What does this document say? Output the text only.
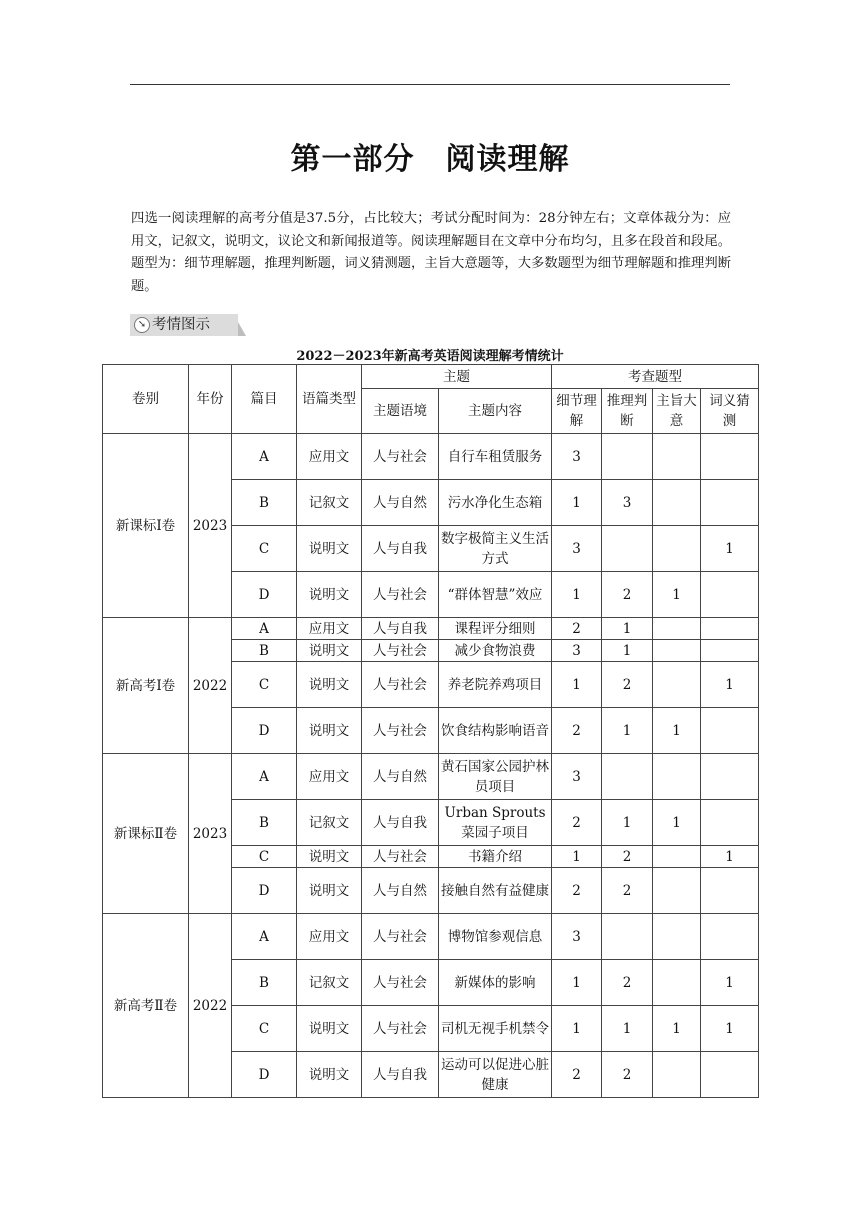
第一部分　阅读理解
四选一阅读理解的高考分值是37.5分，占比较大；考试分配时间为：28分钟左右；文章体裁分为：应用文，记叙文，说明文，议论文和新闻报道等。阅读理解题目在文章中分布均匀，且多在段首和段尾。题型为：细节理解题，推理判断题，词义猜测题，主旨大意题等，大多数题型为细节理解题和推理判断题。
➘ 考情图示
2022－2023年新高考英语阅读理解考情统计
卷别	年份	篇目	语篇类型	主题		考查题型			
				主题语境	主题内容	细节理解	推理判断	主旨大意	词义猜测
新课标Ⅰ卷	2023	A	应用文	人与社会	自行车租赁服务	3			
		B	记叙文	人与自然	污水净化生态箱	1	3		
		C	说明文	人与自我	数字极简主义生活方式	3			1
		D	说明文	人与社会	“群体智慧”效应	1	2	1	
新高考Ⅰ卷	2022	A	应用文	人与自我	课程评分细则	2	1		
		B	说明文	人与社会	减少食物浪费	3	1		
		C	说明文	人与社会	养老院养鸡项目	1	2		1
		D	说明文	人与社会	饮食结构影响语音	2	1	1	
新课标Ⅱ卷	2023	A	应用文	人与自然	黄石国家公园护林员项目	3			
		B	记叙文	人与自我	Urban Sprouts菜园子项目	2	1	1	
		C	说明文	人与社会	书籍介绍	1	2		1
		D	说明文	人与自然	接触自然有益健康	2	2		
新高考Ⅱ卷	2022	A	应用文	人与社会	博物馆参观信息	3			
		B	记叙文	人与社会	新媒体的影响	1	2		1
		C	说明文	人与社会	司机无视手机禁令	1	1	1	1
		D	说明文	人与自我	运动可以促进心脏健康	2	2		
